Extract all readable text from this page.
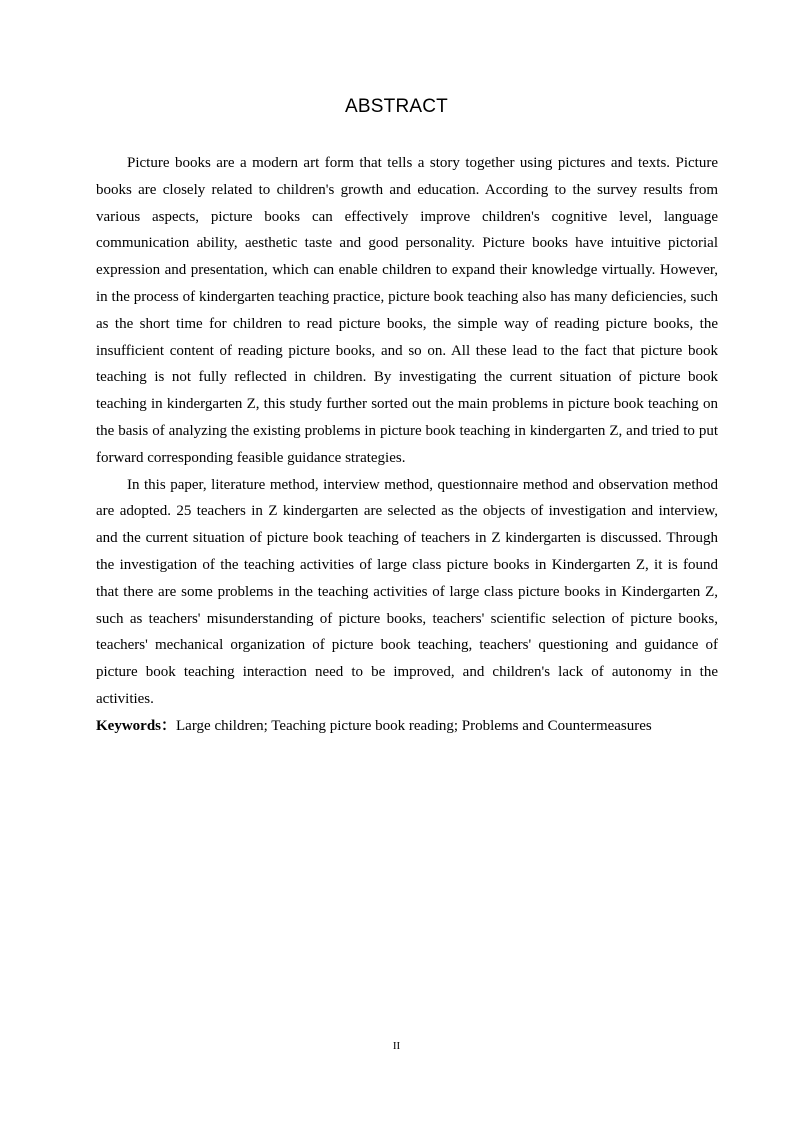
ABSTRACT

Picture books are a modern art form that tells a story together using pictures and texts. Picture books are closely related to children's growth and education. According to the survey results from various aspects, picture books can effectively improve children's cognitive level, language communication ability, aesthetic taste and good personality. Picture books have intuitive pictorial expression and presentation, which can enable children to expand their knowledge virtually. However, in the process of kindergarten teaching practice, picture book teaching also has many deficiencies, such as the short time for children to read picture books, the simple way of reading picture books, the insufficient content of reading picture books, and so on. All these lead to the fact that picture book teaching is not fully reflected in children. By investigating the current situation of picture book teaching in kindergarten Z, this study further sorted out the main problems in picture book teaching on the basis of analyzing the existing problems in picture book teaching in kindergarten Z, and tried to put forward corresponding feasible guidance strategies.

In this paper, literature method, interview method, questionnaire method and observation method are adopted. 25 teachers in Z kindergarten are selected as the objects of investigation and interview, and the current situation of picture book teaching of teachers in Z kindergarten is discussed. Through the investigation of the teaching activities of large class picture books in Kindergarten Z, it is found that there are some problems in the teaching activities of large class picture books in Kindergarten Z, such as teachers' misunderstanding of picture books, teachers' scientific selection of picture books, teachers' mechanical organization of picture book teaching, teachers' questioning and guidance of picture book teaching interaction need to be improved, and children's lack of autonomy in the activities.

Keywords：Large children; Teaching picture book reading; Problems and Countermeasures

II
